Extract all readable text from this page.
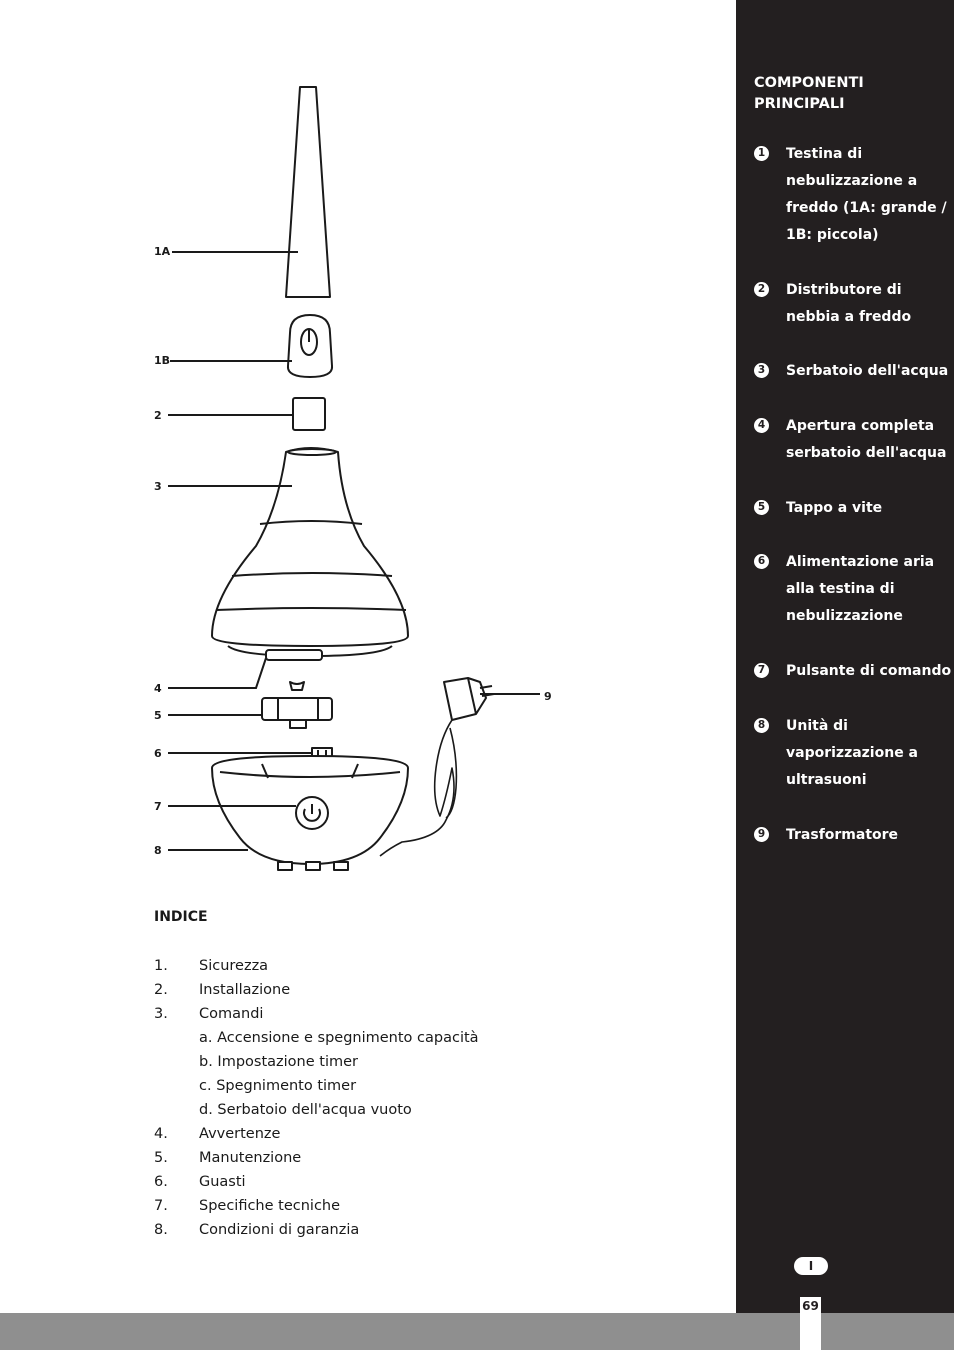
1A
1B
2
3
4
5
6
7
8
9
INDICE
1. Sicurezza
2. Installazione
3. Comandi
a. Accensione e spegnimento capacità
b. Impostazione timer
c. Spegnimento timer
d. Serbatoio dell'acqua vuoto
4. Avvertenze
5. Manutenzione
6. Guasti
7. Specifiche tecniche
8. Condizioni di garanzia
COMPONENTI PRINCIPALI
1 Testina di nebulizzazione a freddo (1A: grande / 1B: piccola)
2 Distributore di nebbia a freddo
3 Serbatoio dell'acqua
4 Apertura completa serbatoio dell'acqua
5 Tappo a vite
6 Alimentazione aria alla testina di nebulizzazione
7 Pulsante di comando
8 Unità di vaporizzazione a ultrasuoni
9 Trasformatore
I
69
